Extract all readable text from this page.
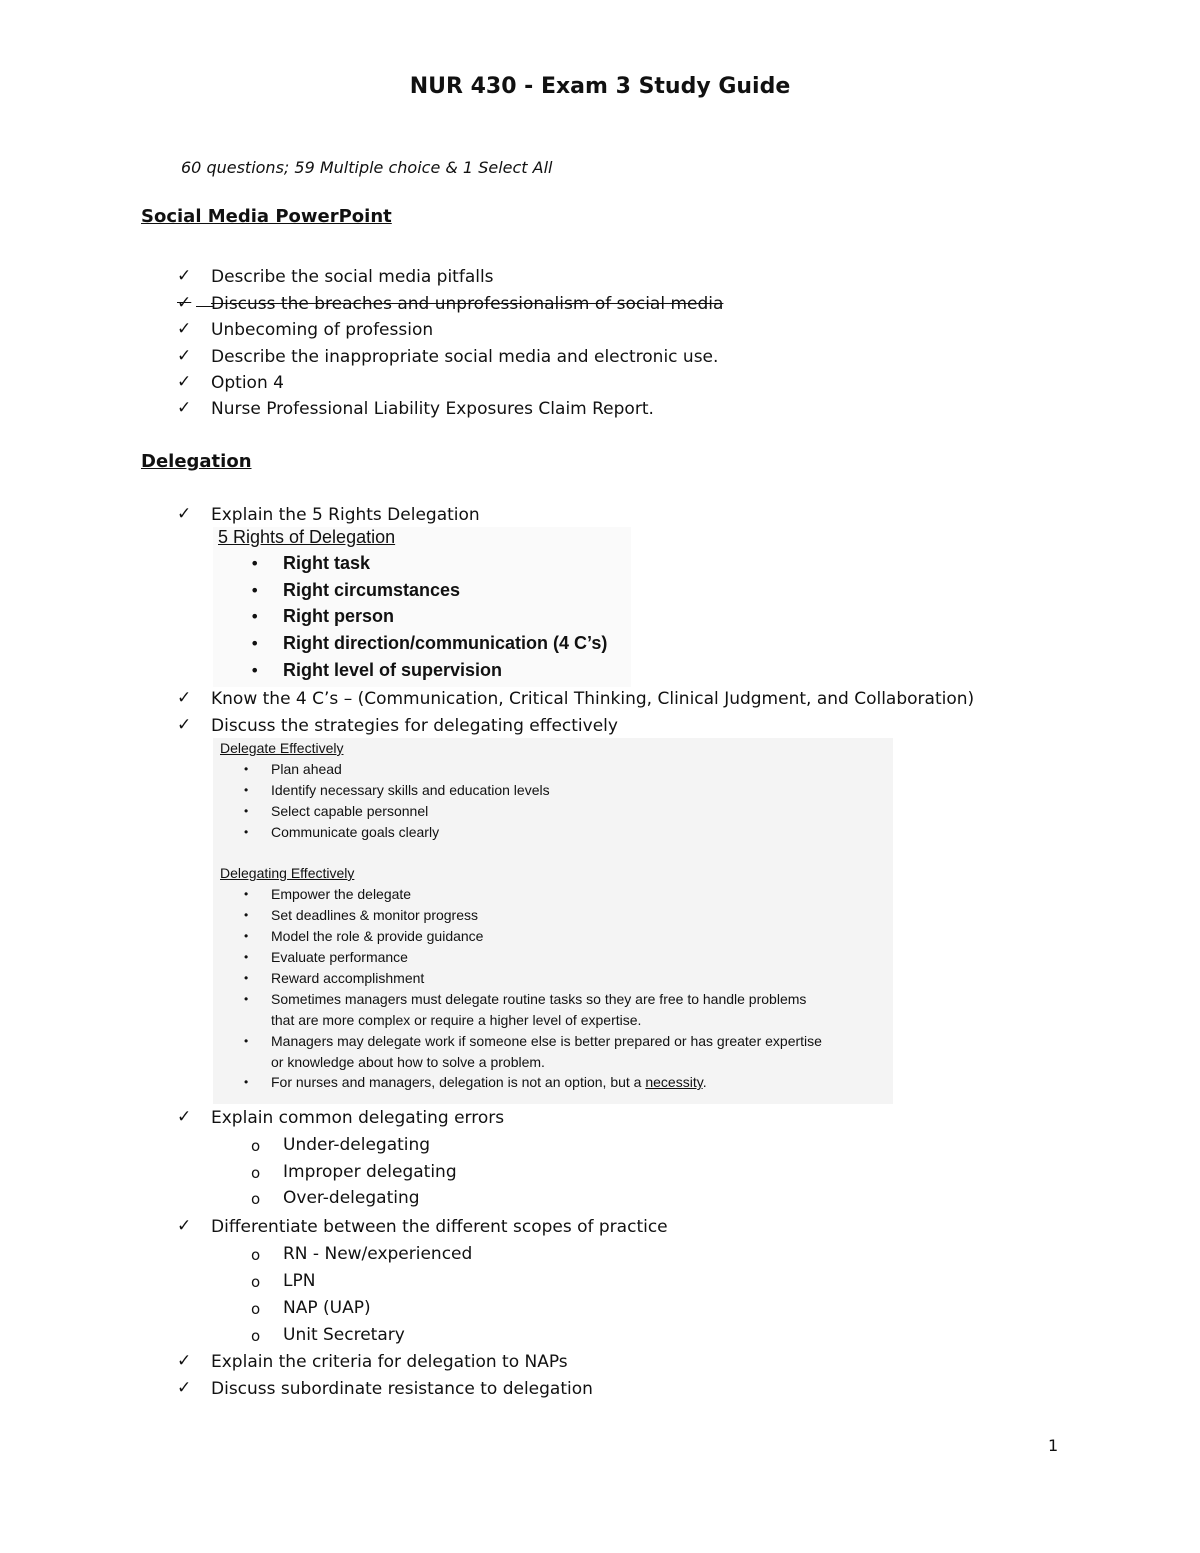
NUR 430 - Exam 3 Study Guide
60 questions; 59 Multiple choice & 1 Select All
Social Media PowerPoint
✓ Describe the social media pitfalls
✓ Discuss the breaches and unprofessionalism of social media
✓ Unbecoming of profession
✓ Describe the inappropriate social media and electronic use.
✓ Option 4
✓ Nurse Professional Liability Exposures Claim Report.
Delegation
✓ Explain the 5 Rights Delegation
5 Rights of Delegation
• Right task
• Right circumstances
• Right person
• Right direction/communication (4 C’s)
• Right level of supervision
✓ Know the 4 C’s – (Communication, Critical Thinking, Clinical Judgment, and Collaboration)
✓ Discuss the strategies for delegating effectively
Delegate Effectively
• Plan ahead
• Identify necessary skills and education levels
• Select capable personnel
• Communicate goals clearly
Delegating Effectively
• Empower the delegate
• Set deadlines & monitor progress
• Model the role & provide guidance
• Evaluate performance
• Reward accomplishment
• Sometimes managers must delegate routine tasks so they are free to handle problems
that are more complex or require a higher level of expertise.
• Managers may delegate work if someone else is better prepared or has greater expertise
or knowledge about how to solve a problem.
• For nurses and managers, delegation is not an option, but a necessity.
✓ Explain common delegating errors
o Under-delegating
o Improper delegating
o Over-delegating
✓ Differentiate between the different scopes of practice
o RN - New/experienced
o LPN
o NAP (UAP)
o Unit Secretary
✓ Explain the criteria for delegation to NAPs
✓ Discuss subordinate resistance to delegation
1
